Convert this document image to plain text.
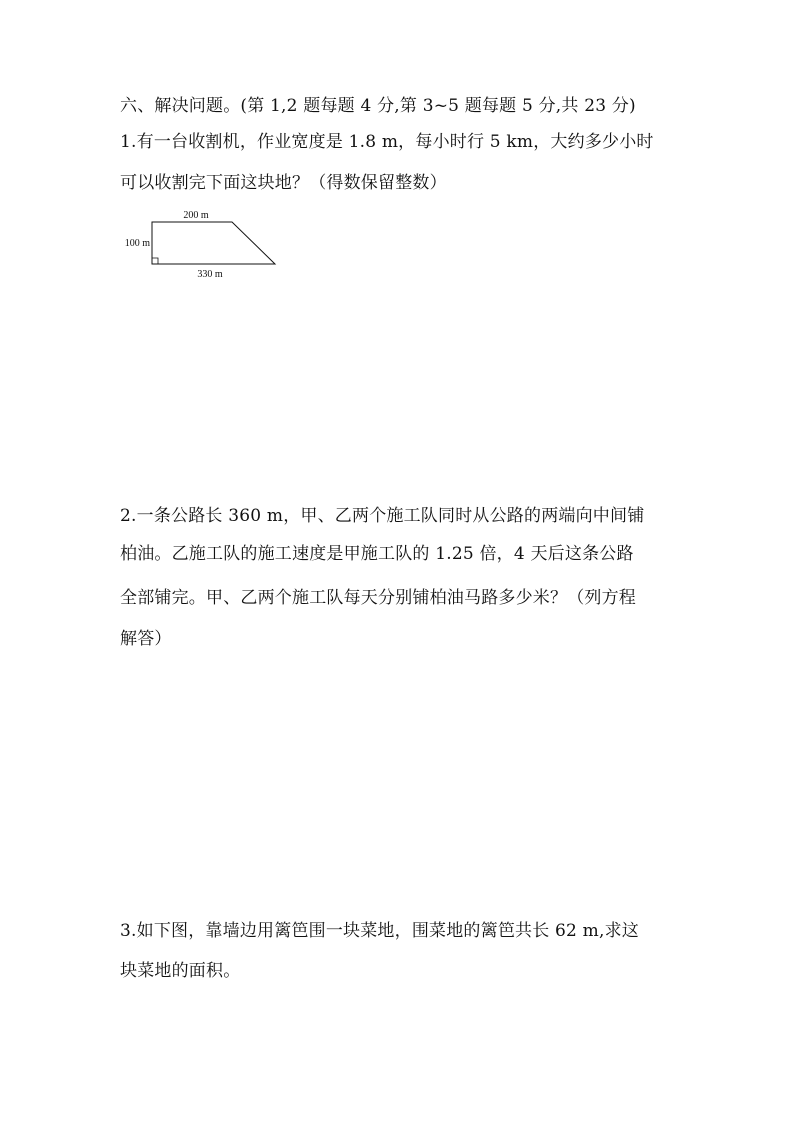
六、解决问题。(第 1,2 题每题 4 分,第 3~5 题每题 5 分,共 23 分)
1.有一台收割机，作业宽度是 1.8 m，每小时行 5 km，大约多少小时
可以收割完下面这块地？（得数保留整数）
200 m
100 m
330 m
2.一条公路长 360 m，甲、乙两个施工队同时从公路的两端向中间铺
柏油。乙施工队的施工速度是甲施工队的 1.25 倍，4 天后这条公路
全部铺完。甲、乙两个施工队每天分别铺柏油马路多少米？（列方程
解答）
3.如下图，靠墙边用篱笆围一块菜地，围菜地的篱笆共长 62 m,求这
块菜地的面积。
